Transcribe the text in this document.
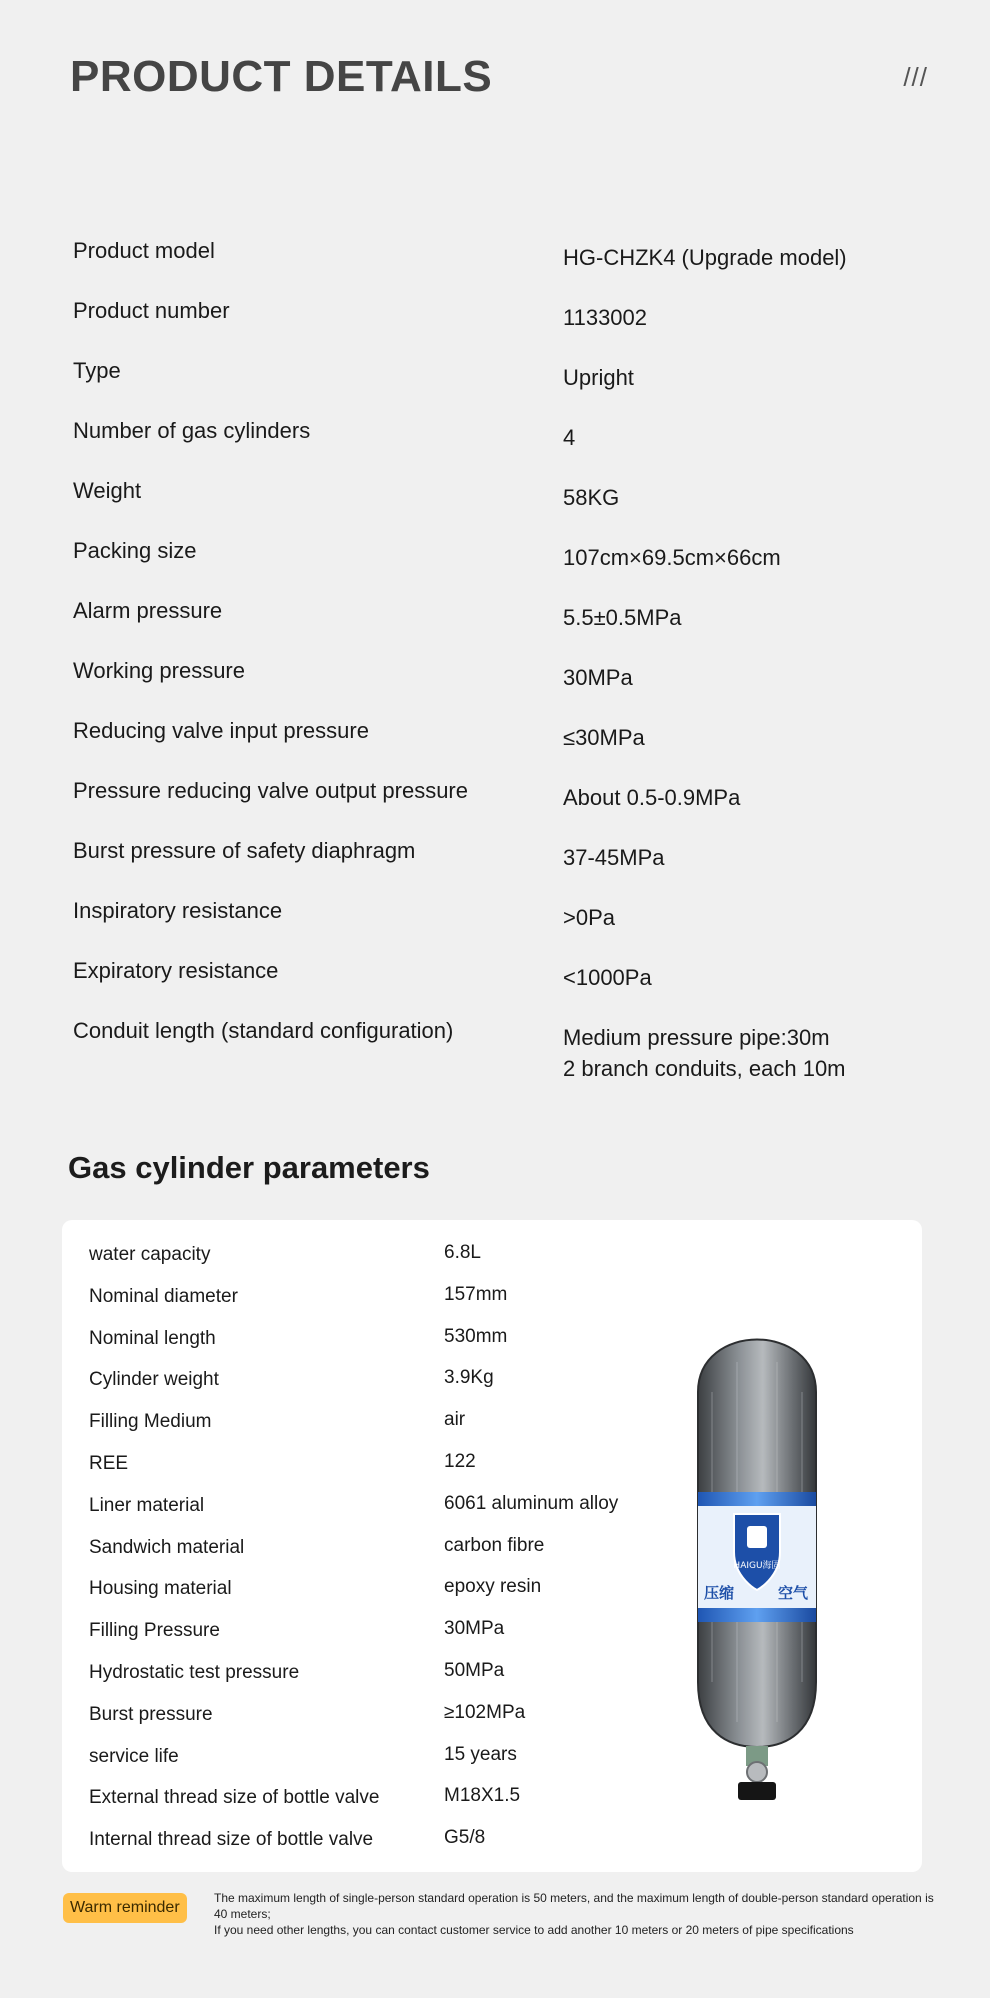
PRODUCT DETAILS	///
Product model	HG-CHZK4 (Upgrade model)
Product number	1133002
Type	Upright
Number of gas cylinders	4
Weight	58KG
Packing size	107cm×69.5cm×66cm
Alarm pressure	5.5±0.5MPa
Working pressure	30MPa
Reducing valve input pressure	≤30MPa
Pressure reducing valve output pressure	About 0.5-0.9MPa
Burst pressure of safety diaphragm	37-45MPa
Inspiratory resistance	>0Pa
Expiratory resistance	<1000Pa
Conduit length (standard configuration)	Medium pressure pipe:30m
2 branch conduits, each 10m
Gas cylinder parameters
water capacity	6.8L
Nominal diameter	157mm
Nominal length	530mm
Cylinder weight	3.9Kg
Filling Medium	air
REE	122
Liner material	6061 aluminum alloy
Sandwich material	carbon fibre
Housing material	epoxy resin
Filling Pressure	30MPa
Hydrostatic test pressure	50MPa
Burst pressure	≥102MPa
service life	15 years
External thread size of bottle valve	M18X1.5
Internal thread size of bottle valve	G5/8
HAIGU海固
压缩	空气
Warm reminder
The maximum length of single-person standard operation is 50 meters, and the maximum length of double-person standard operation is 40 meters;
If you need other lengths, you can contact customer service to add another 10 meters or 20 meters of pipe specifications
